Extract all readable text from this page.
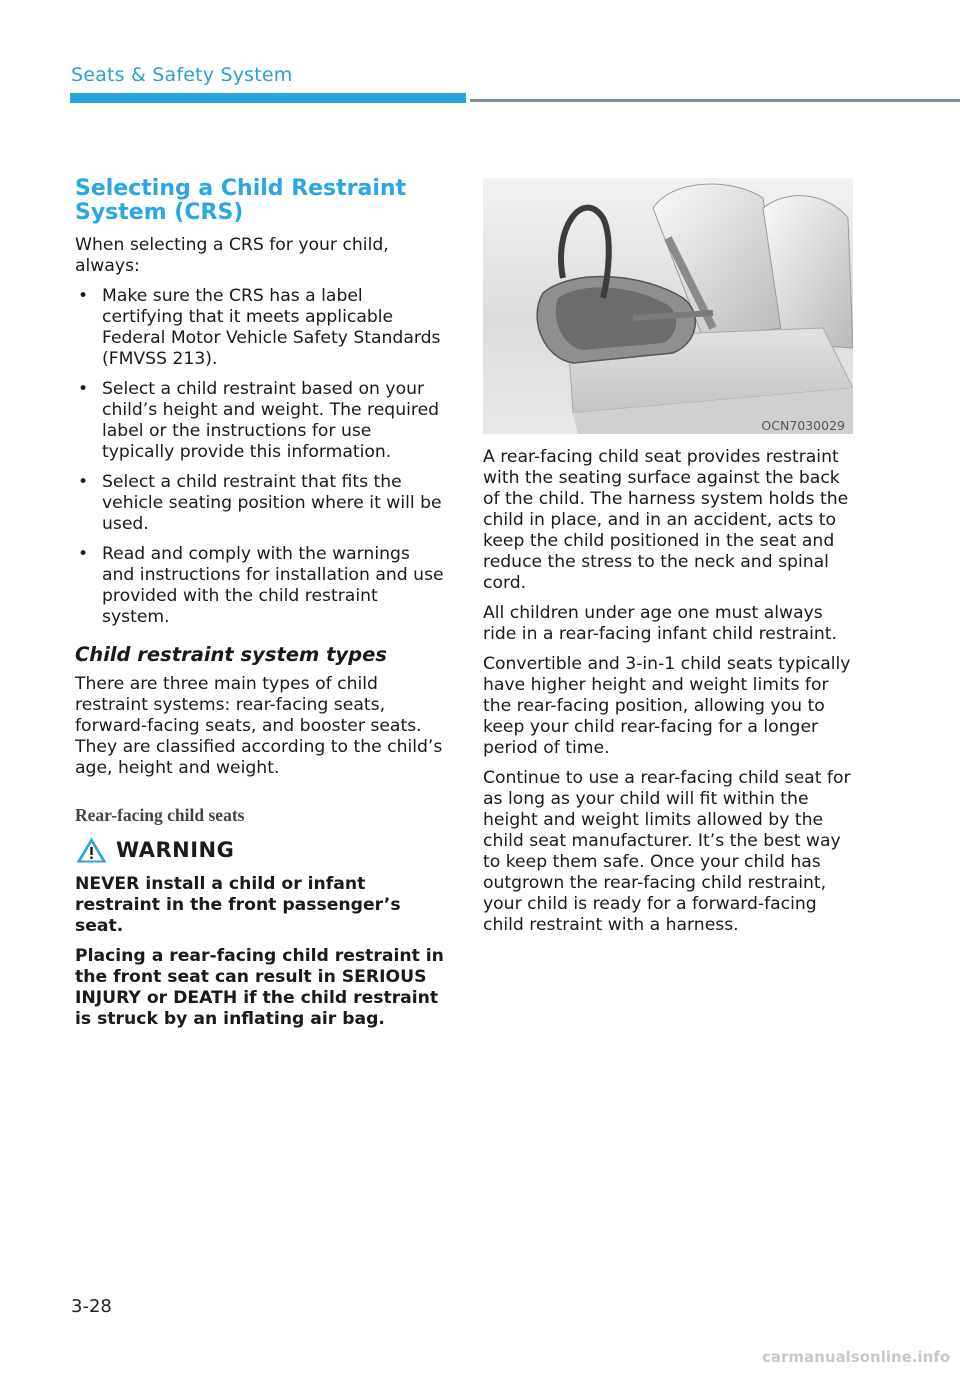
Seats & Safety System
Selecting a Child Restraint System (CRS)

When selecting a CRS for your child, always:

• Make sure the CRS has a label certifying that it meets applicable Federal Motor Vehicle Safety Standards (FMVSS 213).
• Select a child restraint based on your child’s height and weight. The required label or the instructions for use typically provide this information.
• Select a child restraint that fits the vehicle seating position where it will be used.
• Read and comply with the warnings and instructions for installation and use provided with the child restraint system.
Child restraint system types

There are three main types of child restraint systems: rear-facing seats, forward-facing seats, and booster seats. They are classified according to the child’s age, height and weight.

Rear-facing child seats
WARNING

NEVER install a child or infant restraint in the front passenger’s seat.

Placing a rear-facing child restraint in the front seat can result in SERIOUS INJURY or DEATH if the child restraint is struck by an inflating air bag.

OCN7030029

A rear-facing child seat provides restraint with the seating surface against the back of the child. The harness system holds the child in place, and in an accident, acts to keep the child positioned in the seat and reduce the stress to the neck and spinal cord.

All children under age one must always ride in a rear-facing infant child restraint.

Convertible and 3-in-1 child seats typically have higher height and weight limits for the rear-facing position, allowing you to keep your child rear-facing for a longer period of time.

Continue to use a rear-facing child seat for as long as your child will fit within the height and weight limits allowed by the child seat manufacturer. It’s the best way to keep them safe. Once your child has outgrown the rear-facing child restraint, your child is ready for a forward-facing child restraint with a harness.

3-28
carmanualsonline.info
